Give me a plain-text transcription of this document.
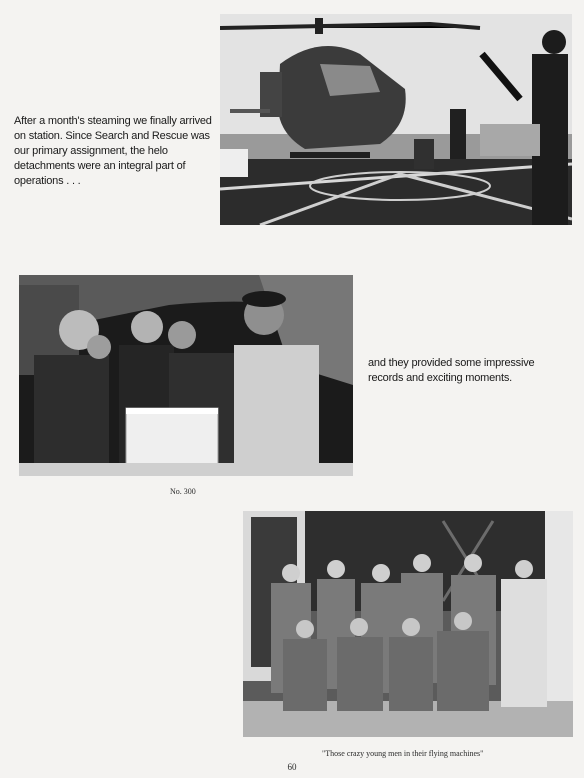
After a month's steaming we finally arrived on station. Since Search and Rescue was our primary assignment, the helo detachments were an integral part of operations . . .
No. 300
and they provided some impressive records and exciting moments.
"Those crazy young men in their flying machines"
60
